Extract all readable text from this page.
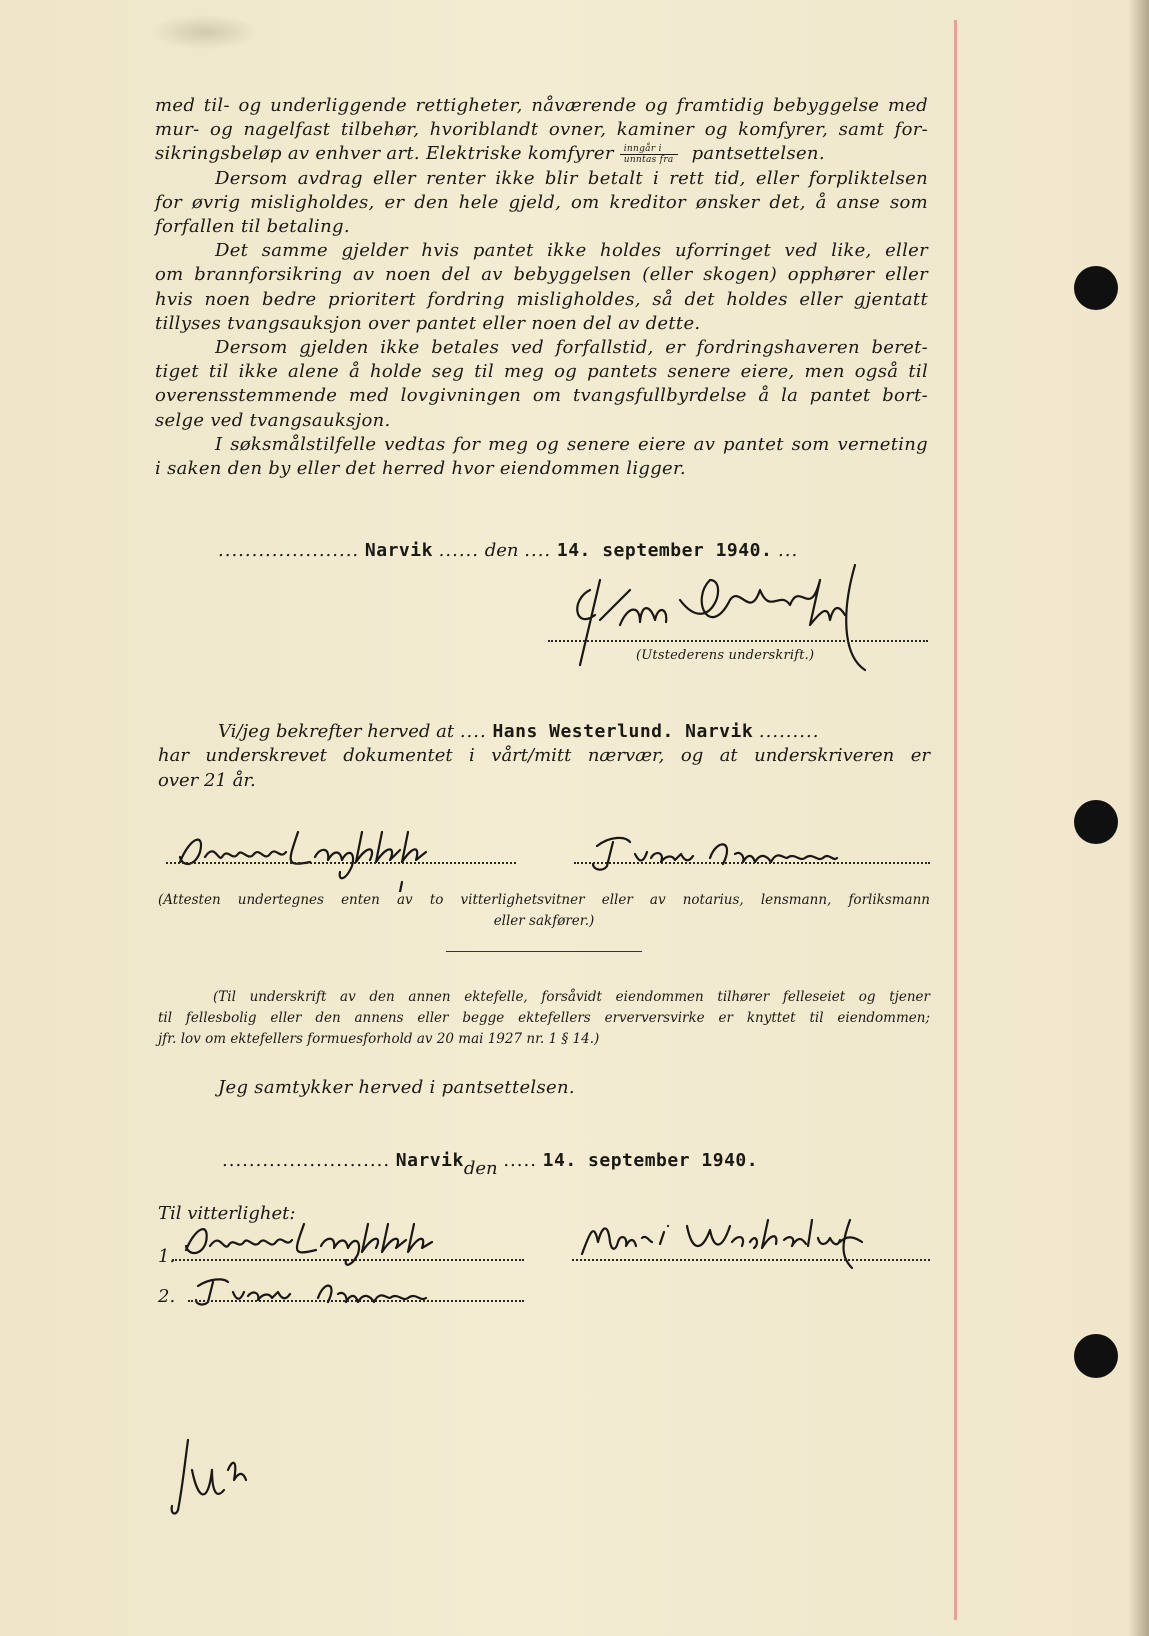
med til- og underliggende rettigheter, nåværende og framtidig bebyggelse med
mur- og nagelfast tilbehør, hvoriblandt ovner, kaminer og komfyrer, samt for-
sikringsbeløp av enhver art. Elektriske komfyrer $\frac{\text{inngår i}}{\text{unntas fra}}$ pantsettelsen.
Dersom avdrag eller renter ikke blir betalt i rett tid, eller forpliktelsen
for øvrig misligholdes, er den hele gjeld, om kreditor ønsker det, å anse som
forfallen til betaling.
Det samme gjelder hvis pantet ikke holdes uforringet ved like, eller
om brannforsikring av noen del av bebyggelsen (eller skogen) opphører eller
hvis noen bedre prioritert fordring misligholdes, så det holdes eller gjentatt
tillyses tvangsauksjon over pantet eller noen del av dette.
Dersom gjelden ikke betales ved forfallstid, er fordringshaveren beret-
tiget til ikke alene å holde seg til meg og pantets senere eiere, men også til
overensstemmende med lovgivningen om tvangsfullbyrdelse å la pantet bort-
selge ved tvangsauksjon.
I søksmålstilfelle vedtas for meg og senere eiere av pantet som verneting
i saken den by eller det herred hvor eiendommen ligger.

..................... Narvik ...... den .... 14. september 1940. ...
(Utstederens underskrift.)
Vi/jeg bekrefter herved at .... Hans Westerlund. Narvik .........
har underskrevet dokumentet i vårt/mitt nærvær, og at underskriveren er
over 21 år.
(Attesten undertegnes enten av to vitterlighetsvitner eller av notarius, lensmann, forliksmann
eller sakfører.)
(Til underskrift av den annen ektefelle, forsåvidt eiendommen tilhører felleseiet og tjener
til fellesbolig eller den annens eller begge ektefellers erverversvirke er knyttet til eiendommen;
jfr. lov om ektefellers formuesforhold av 20 mai 1927 nr. 1 § 14.)
Jeg samtykker herved i pantsettelsen.
......................... Narvikden ..... 14. september 1940.
Til vitterlighet:
1.
2.
